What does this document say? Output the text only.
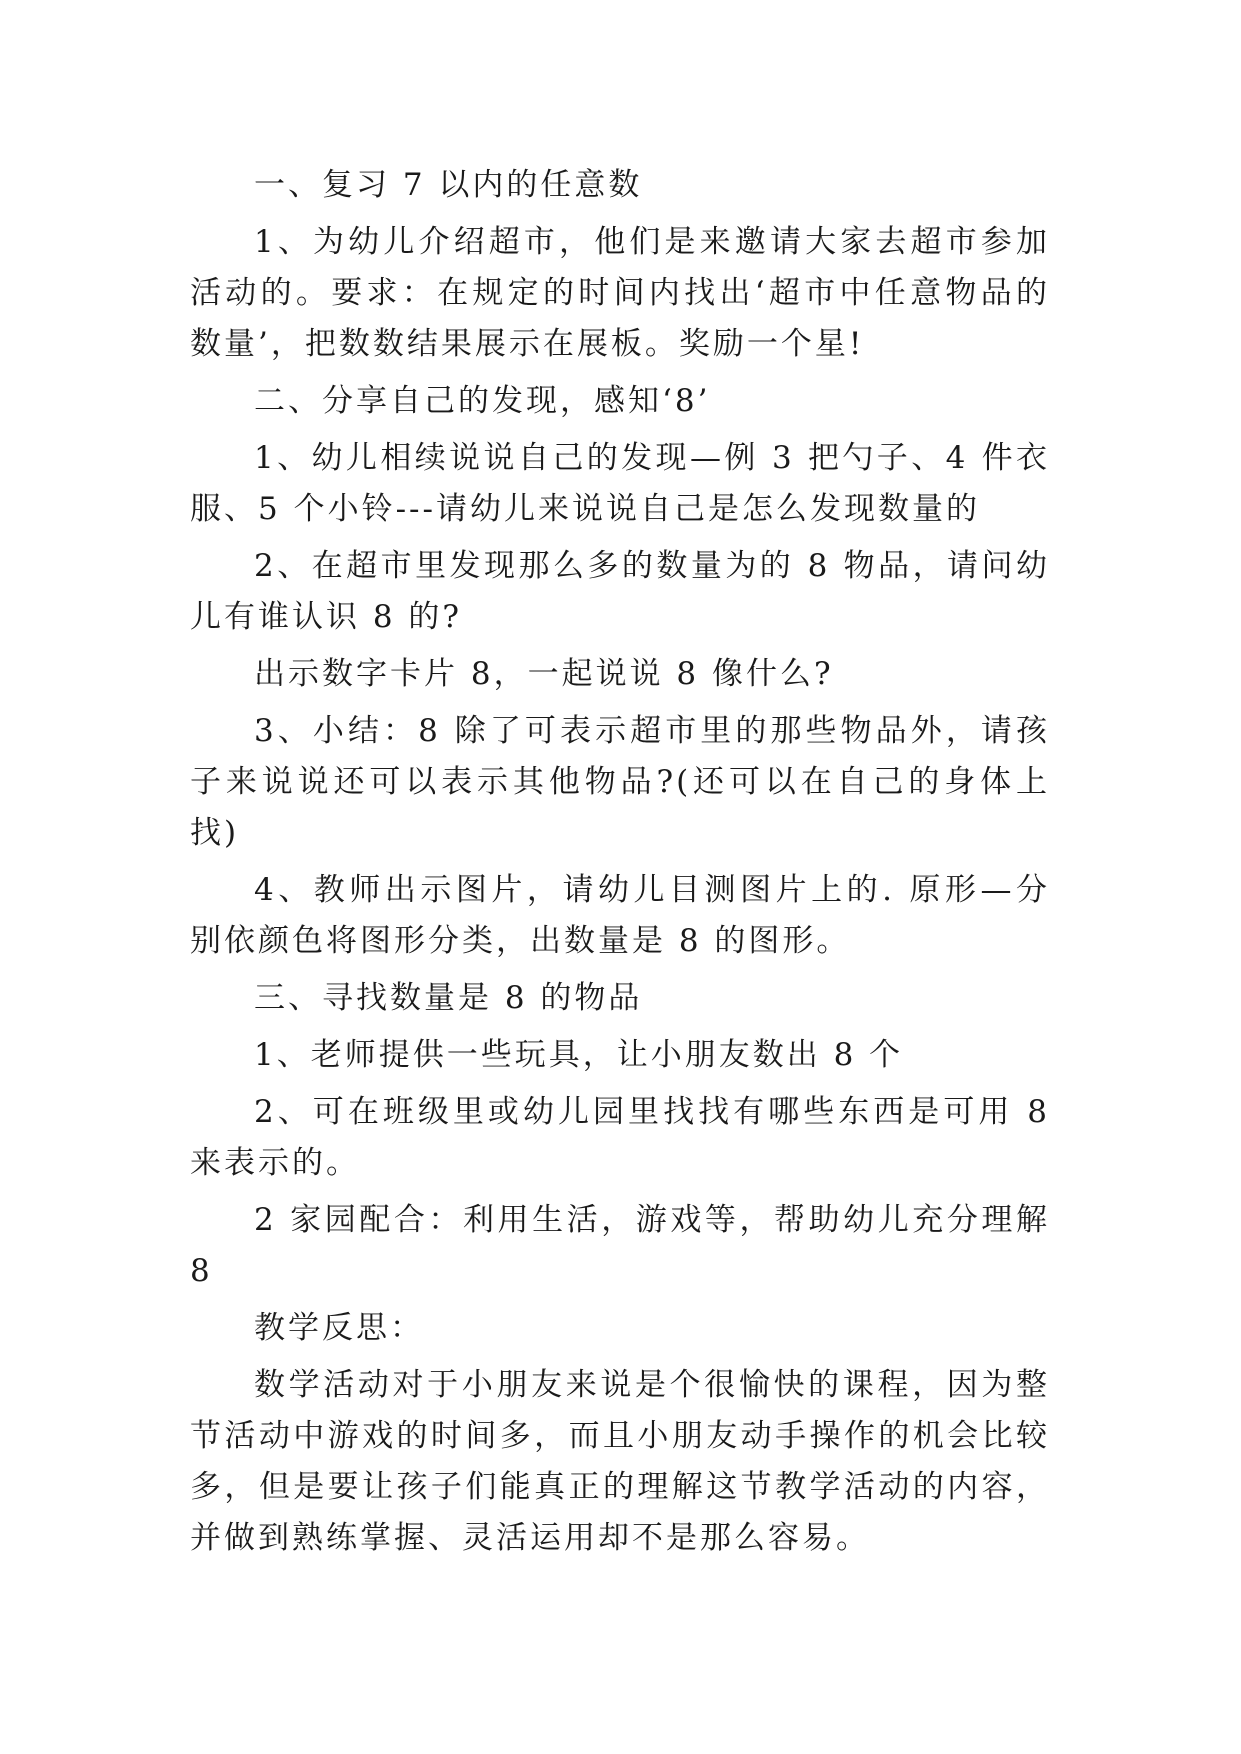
一、复习 7 以内的任意数

1、为幼儿介绍超市，他们是来邀请大家去超市参加活动的。要求：在规定的时间内找出‘超市中任意物品的数量’，把数数结果展示在展板。奖励一个星!

二、分享自己的发现，感知‘8’

1、幼儿相续说说自己的发现—例 3 把勺子、4 件衣服、5 个小铃---请幼儿来说说自己是怎么发现数量的

2、在超市里发现那么多的数量为的 8 物品，请问幼儿有谁认识 8 的?

出示数字卡片 8，一起说说 8 像什么?

3、小结：8 除了可表示超市里的那些物品外，请孩子来说说还可以表示其他物品?(还可以在自己的身体上找)

4、教师出示图片，请幼儿目测图片上的. 原形—分别依颜色将图形分类，出数量是 8 的图形。

三、寻找数量是 8 的物品

1、老师提供一些玩具，让小朋友数出 8 个

2、可在班级里或幼儿园里找找有哪些东西是可用 8 来表示的。

2 家园配合：利用生活，游戏等，帮助幼儿充分理解 8

教学反思：

数学活动对于小朋友来说是个很愉快的课程，因为整节活动中游戏的时间多，而且小朋友动手操作的机会比较多，但是要让孩子们能真正的理解这节教学活动的内容，并做到熟练掌握、灵活运用却不是那么容易。
